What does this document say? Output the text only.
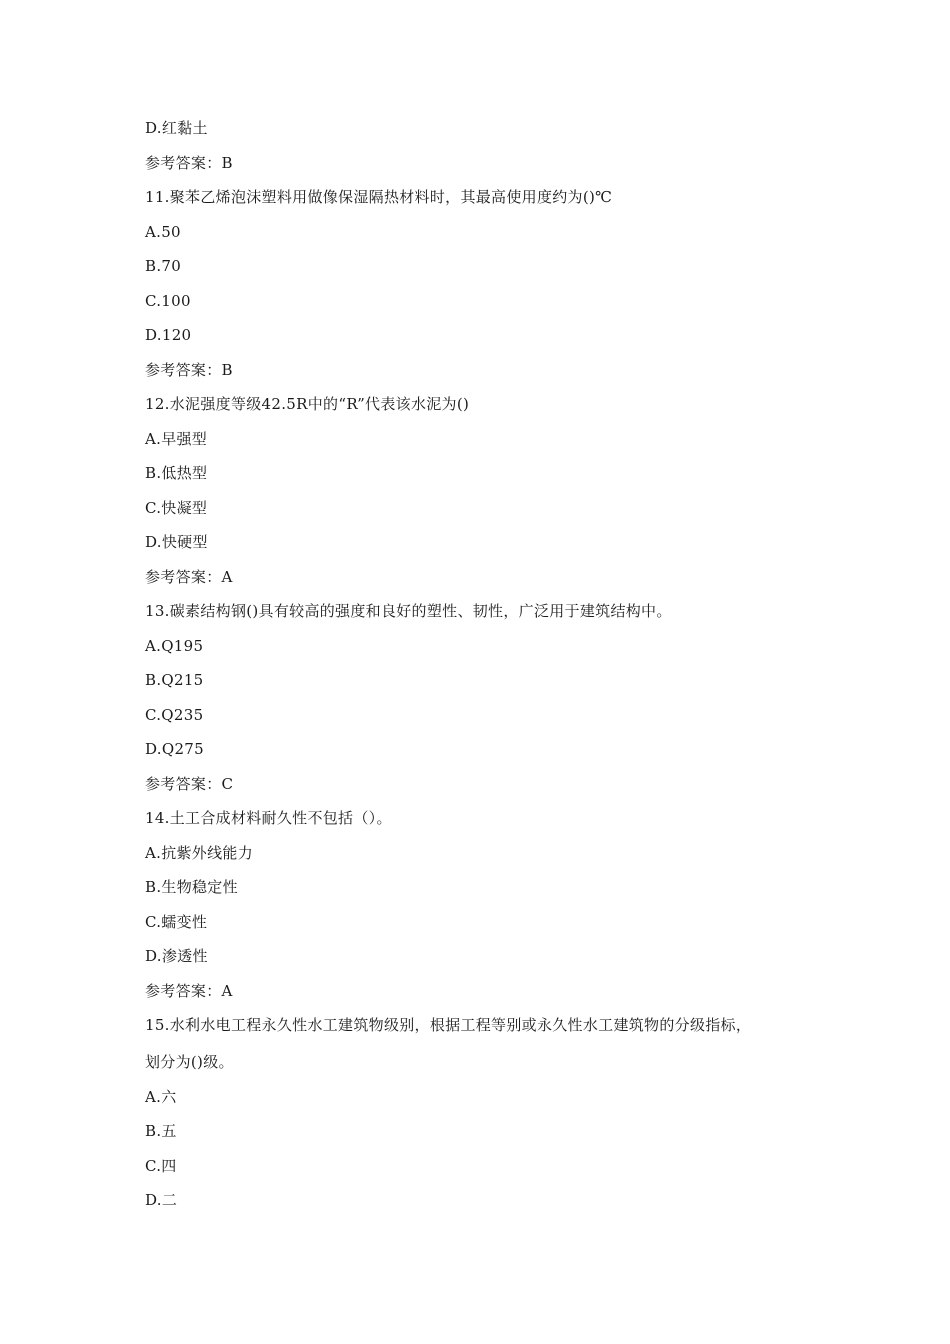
D.红黏土
参考答案：B
11.聚苯乙烯泡沫塑料用做像保湿隔热材料时，其最高使用度约为()℃
A.50
B.70
C.100
D.120
参考答案：B
12.水泥强度等级42.5R中的“R”代表该水泥为()
A.早强型
B.低热型
C.快凝型
D.快硬型
参考答案：A
13.碳素结构钢()具有较高的强度和良好的塑性、韧性，广泛用于建筑结构中。
A.Q195
B.Q215
C.Q235
D.Q275
参考答案：C
14.土工合成材料耐久性不包括（）。
A.抗紫外线能力
B.生物稳定性
C.蠕变性
D.渗透性
参考答案：A
15.水利水电工程永久性水工建筑物级别，根据工程等别或永久性水工建筑物的分级指标，
划分为()级。
A.六
B.五
C.四
D.二
